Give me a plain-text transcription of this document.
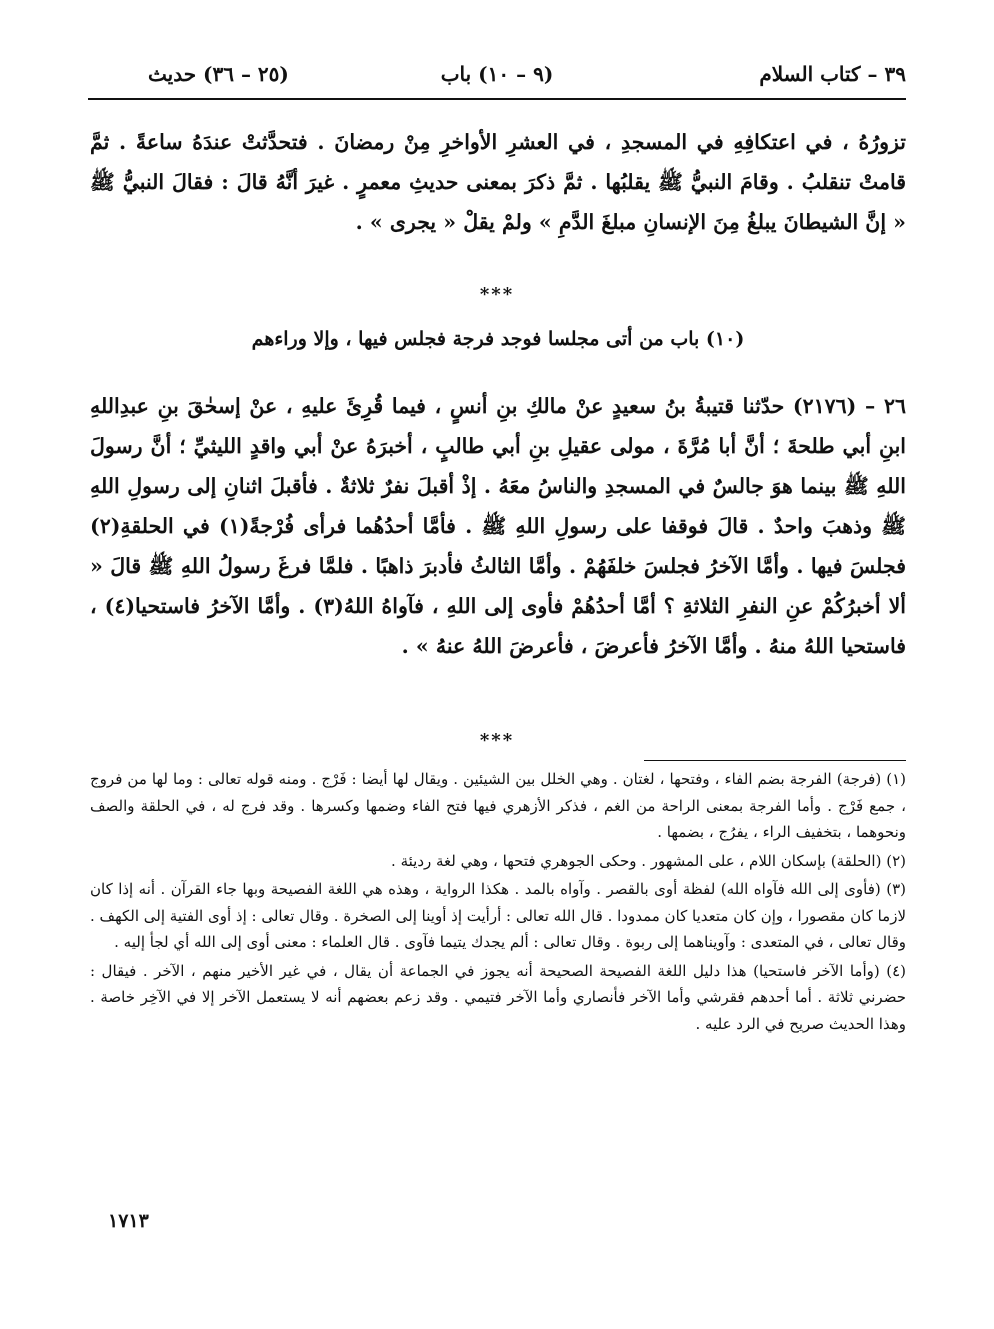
٣٩ – كتاب السلام
(٩ – ١٠) باب
(٢٥ – ٣٦) حديث
تزورُهُ ، في اعتكافِهِ في المسجدِ ، في العشرِ الأواخرِ مِنْ رمضانَ . فتحدَّثتْ عندَهُ ساعةً . ثمَّ قامتْ تنقلبُ . وقامَ النبيُّ ﷺ يقلبُها . ثمَّ ذكرَ بمعنى حديثِ معمرٍ . غيرَ أنَّهُ قالَ : فقالَ النبيُّ ﷺ « إنَّ الشيطانَ يبلغُ مِنَ الإنسانِ مبلغَ الدَّمِ » ولمْ يقلْ « يجرى » .
***
(١٠) باب من أتى مجلسا فوجد فرجة فجلس فيها ، وإلا وراءهم
٢٦ – (٢١٧٦) حدّثنا قتيبةُ بنُ سعيدٍ عنْ مالكِ بنِ أنسٍ ، فيما قُرِئَ عليهِ ، عنْ إسحٰقَ بنِ عبدِاللهِ ابنِ أبي طلحةَ ؛ أنَّ أبا مُرَّةَ ، مولى عقيلِ بنِ أبي طالبٍ ، أخبرَهُ عنْ أبي واقدٍ الليثيِّ ؛ أنَّ رسولَ اللهِ ﷺ بينما هوَ جالسٌ في المسجدِ والناسُ معَهُ . إذْ أقبلَ نفرٌ ثلاثةٌ . فأقبلَ اثنانِ إلى رسولِ اللهِ ﷺ وذهبَ واحدٌ . قالَ فوقفا على رسولِ اللهِ ﷺ . فأمَّا أحدُهُما فرأى فُرْجةً(١) في الحلقةِ(٢) فجلسَ فيها . وأمَّا الآخرُ فجلسَ خلفَهُمْ . وأمَّا الثالثُ فأدبرَ ذاهبًا . فلمَّا فرغَ رسولُ اللهِ ﷺ قالَ « ألا أخبرُكُمْ عنِ النفرِ الثلاثةِ ؟ أمَّا أحدُهُمْ فأوى إلى اللهِ ، فآواهُ اللهُ(٣) . وأمَّا الآخرُ فاستحيا(٤) ، فاستحيا اللهُ منهُ . وأمَّا الآخرُ فأعرضَ ، فأعرضَ اللهُ عنهُ » .
***

(١) (فرجة) الفرجة بضم الفاء ، وفتحها ، لغتان . وهي الخلل بين الشيئين . ويقال لها أيضا : فَرْج . ومنه قوله تعالى : وما لها من فروج ، جمع فَرْج . وأما الفرجة بمعنى الراحة من الغم ، فذكر الأزهري فيها فتح الفاء وضمها وكسرها . وقد فرج له ، في الحلقة والصف ونحوهما ، بتخفيف الراء ، يفرُج ، بضمها .

(٢) (الحلقة) بإسكان اللام ، على المشهور . وحكى الجوهري فتحها ، وهي لغة رديئة .

(٣) (فأوى إلى الله فآواه الله) لفظة أوى بالقصر . وآواه بالمد . هكذا الرواية ، وهذه هي اللغة الفصيحة وبها جاء القرآن . أنه إذا كان لازما كان مقصورا ، وإن كان متعديا كان ممدودا . قال الله تعالى : أرأيت إذ أوينا إلى الصخرة . وقال تعالى : إذ أوى الفتية إلى الكهف . وقال تعالى ، في المتعدى : وآويناهما إلى ربوة . وقال تعالى : ألم يجدك يتيما فآوى . قال العلماء : معنى أوى إلى الله أي لجأ إليه .

(٤) (وأما الآخر فاستحيا) هذا دليل اللغة الفصيحة الصحيحة أنه يجوز في الجماعة أن يقال ، في غير الأخير منهم ، الآخر . فيقال : حضرني ثلاثة . أما أحدهم فقرشي وأما الآخر فأنصاري وأما الآخر فتيمي . وقد زعم بعضهم أنه لا يستعمل الآخر إلا في الآخِر خاصة . وهذا الحديث صريح في الرد عليه .

١٧١٣
